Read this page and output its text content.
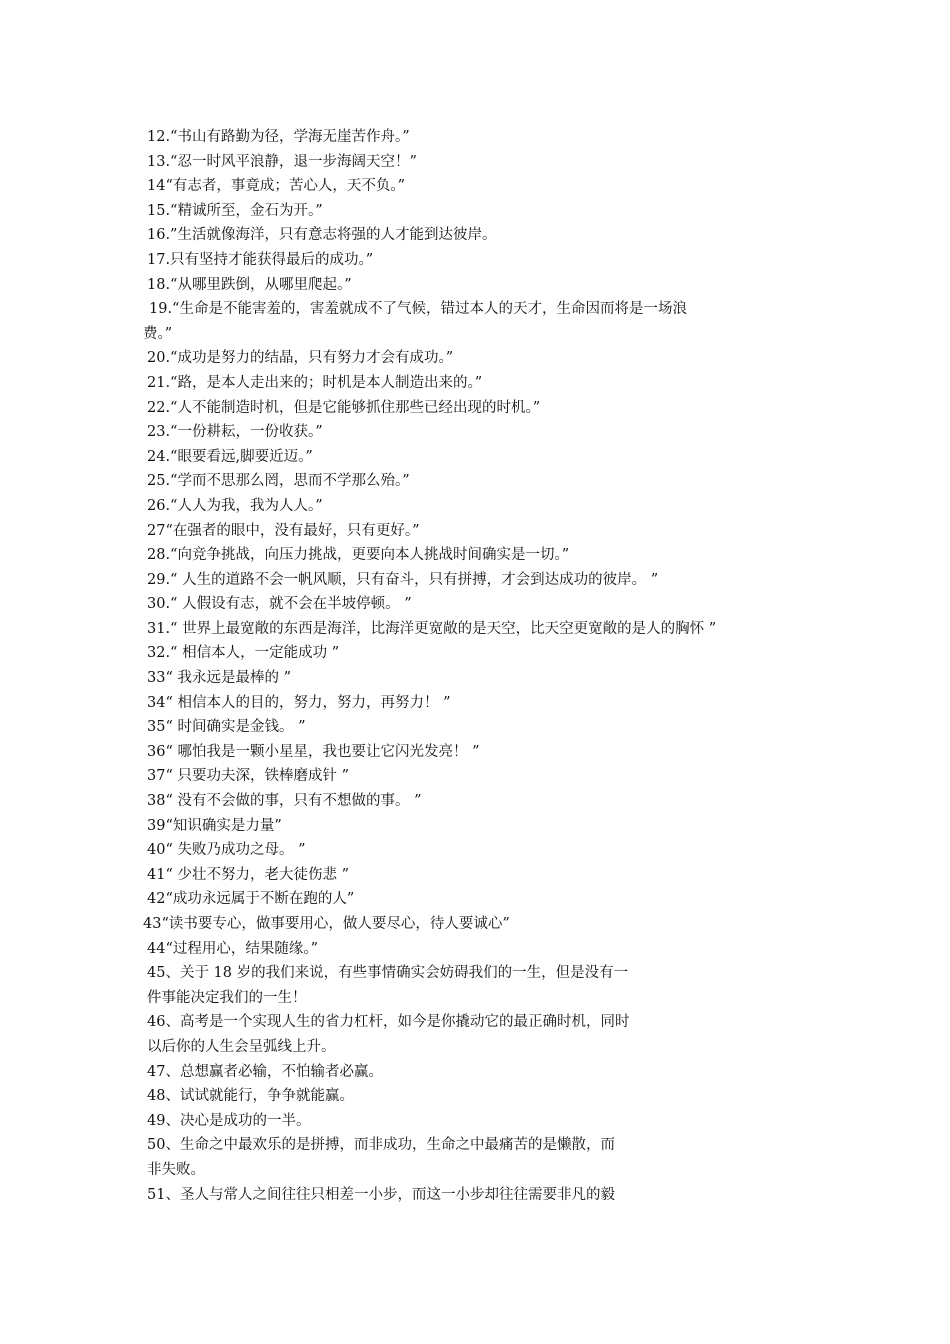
12.“书山有路勤为径，学海无崖苦作舟。”
13.“忍一时风平浪静，退一步海阔天空！”
14“有志者，事竟成；苦心人，天不负。”
15.“精诚所至，金石为开。”
16.”生活就像海洋，只有意志将强的人才能到达彼岸。
17.只有坚持才能获得最后的成功。”
18.“从哪里跌倒，从哪里爬起。”
19.“生命是不能害羞的，害羞就成不了气候，错过本人的天才，生命因而将是一场浪
费。”
20.“成功是努力的结晶，只有努力才会有成功。”
21.“路，是本人走出来的；时机是本人制造出来的。”
22.“人不能制造时机，但是它能够抓住那些已经出现的时机。”
23.“一份耕耘，一份收获。”
24.“眼要看远,脚要近迈。”
25.“学而不思那么罔，思而不学那么殆。”
26.“人人为我，我为人人。”
27“在强者的眼中，没有最好，只有更好。”
28.“向竞争挑战，向压力挑战，更要向本人挑战时间确实是一切。”
29.“ 人生的道路不会一帆风顺，只有奋斗，只有拼搏，才会到达成功的彼岸。 ”
30.“ 人假设有志，就不会在半坡停顿。 ”
31.“ 世界上最宽敞的东西是海洋，比海洋更宽敞的是天空，比天空更宽敞的是人的胸怀 ”
32.“ 相信本人，一定能成功 ”
33“ 我永远是最棒的 ”
34“ 相信本人的目的，努力，努力，再努力！ ”
35“ 时间确实是金钱。 ”
36“ 哪怕我是一颗小星星，我也要让它闪光发亮！ ”
37“ 只要功夫深，铁棒磨成针 ”
38“ 没有不会做的事，只有不想做的事。 ”
39“知识确实是力量”
40“ 失败乃成功之母。 ”
41“ 少壮不努力，老大徒伤悲 ”
42“成功永远属于不断在跑的人”
43“读书要专心，做事要用心，做人要尽心，待人要诚心”
44“过程用心，结果随缘。”
45、关于 18 岁的我们来说，有些事情确实会妨碍我们的一生，但是没有一
件事能决定我们的一生！
46、高考是一个实现人生的省力杠杆，如今是你撬动它的最正确时机，同时
以后你的人生会呈弧线上升。
47、总想赢者必输，不怕输者必赢。
48、试试就能行，争争就能赢。
49、决心是成功的一半。
50、生命之中最欢乐的是拼搏，而非成功，生命之中最痛苦的是懒散，而
非失败。
51、圣人与常人之间往往只相差一小步，而这一小步却往往需要非凡的毅
